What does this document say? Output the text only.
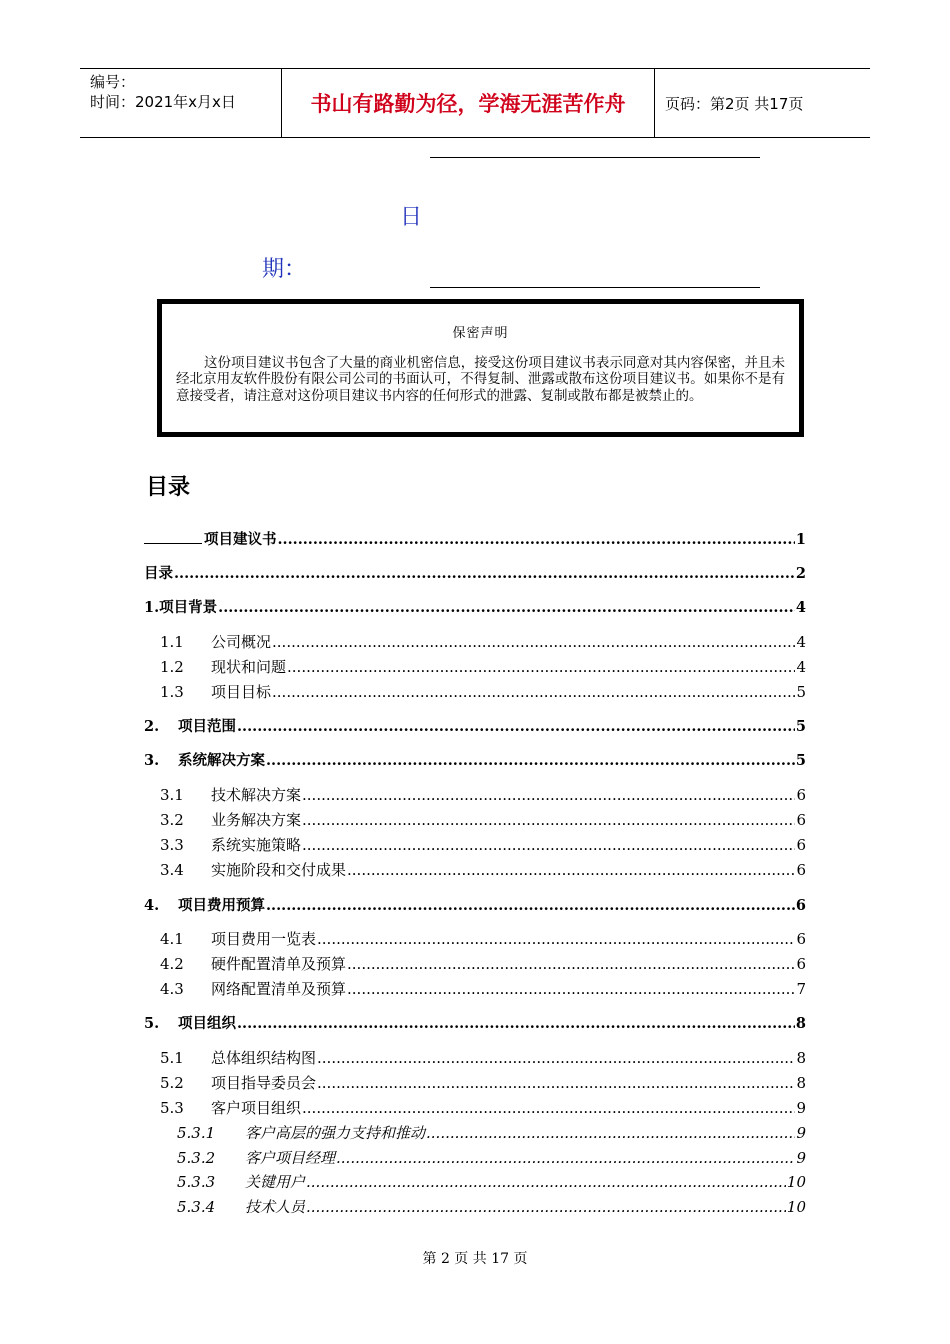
编号：
时间：2021年x月x日	书山有路勤为径，学海无涯苦作舟	页码：第2页 共17页
日
期：
保密声明
这份项目建议书包含了大量的商业机密信息，接受这份项目建议书表示同意对其内容保密，并且未经北京用友软件股份有限公司公司的书面认可，不得复制、泄露或散布这份项目建议书。如果你不是有意接受者，请注意对这份项目建议书内容的任何形式的泄露、复制或散布都是被禁止的。
目录
项目建议书 .....	1
目录 .....	2
1.项目背景 .....	4
1.1	公司概况 .....	4
1.2	现状和问题 .....	4
1.3	项目目标 .....	5
2.	项目范围 .....	5
3.	系统解决方案 .....	5
3.1	技术解决方案 .....	6
3.2	业务解决方案 .....	6
3.3	系统实施策略 .....	6
3.4	实施阶段和交付成果 .....	6
4.	项目费用预算 .....	6
4.1	项目费用一览表 .....	6
4.2	硬件配置清单及预算 .....	6
4.3	网络配置清单及预算 .....	7
5.	项目组织 .....	8
5.1	总体组织结构图 .....	8
5.2	项目指导委员会 .....	8
5.3	客户项目组织 .....	9
5.3.1	客户高层的强力支持和推动 .....	9
5.3.2	客户项目经理 .....	9
5.3.3	关键用户 .....	10
5.3.4	技术人员 .....	10
第 2 页 共 17 页
